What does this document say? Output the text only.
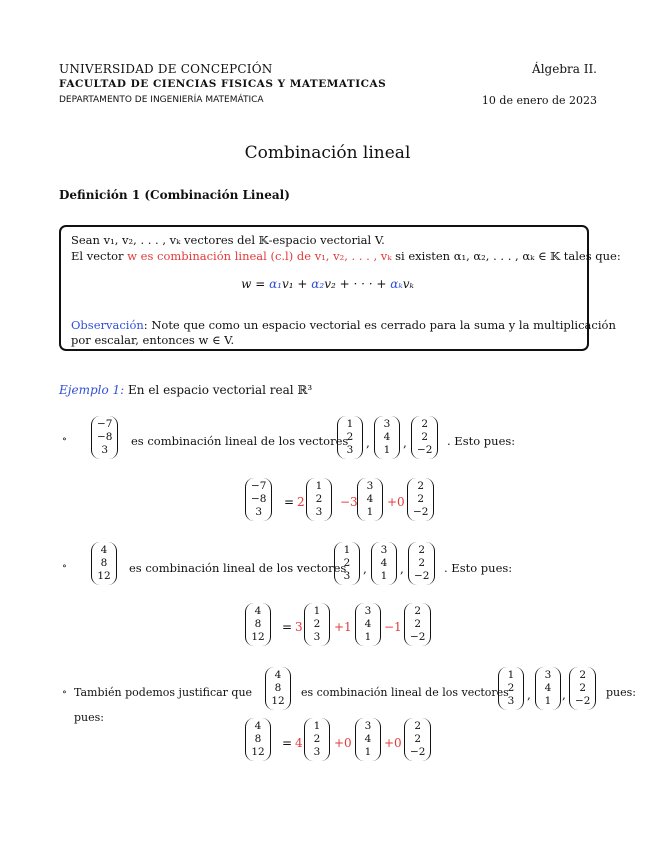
UNIVERSIDAD DE CONCEPCIÓN
FACULTAD DE CIENCIAS FISICAS Y MATEMATICAS
DEPARTAMENTO DE INGENIERÍA MATEMÁTICA
Álgebra II.
10 de enero de 2023
Combinación lineal
Definición 1 (Combinación Lineal)
Sean v₁, v₂, . . . , vₖ vectores del 𝕂-espacio vectorial V.
El vector w es combinación lineal (c.l) de v₁, v₂, . . . , vₖ si existen α₁, α₂, . . . , αₖ ∈ 𝕂 tales que:
w = α₁v₁ + α₂v₂ + · · · + αₖvₖ
Observación: Note que como un espacio vectorial es cerrado para la suma y la multiplicación
por escalar, entonces w ∈ V.
Ejemplo 1: En el espacio vectorial real ℝ³
∘
−7
−8
3
es combinación lineal de los vectores
1
2
3	,
3
4
1	,
2
2
−2
. Esto pues:
−7
−8
3
= 2
1
2
3
−3
3
4
1
+0
2
2
−2
∘
4
8
12
es combinación lineal de los vectores
1
2
3	,
3
4
1	,
2
2
−2
. Esto pues:
4
8
12
= 3
1
2
3
+1
3
4
1
−1
2
2
−2
∘ También podemos justificar que
4
8
12
es combinación lineal de los vectores
1
2
3	,
3
4
1 ,
2
2
−2
pues:
pues:
4
8
12
= 4
1
2
3
+0
3
4
1
+0
2
2
−2
